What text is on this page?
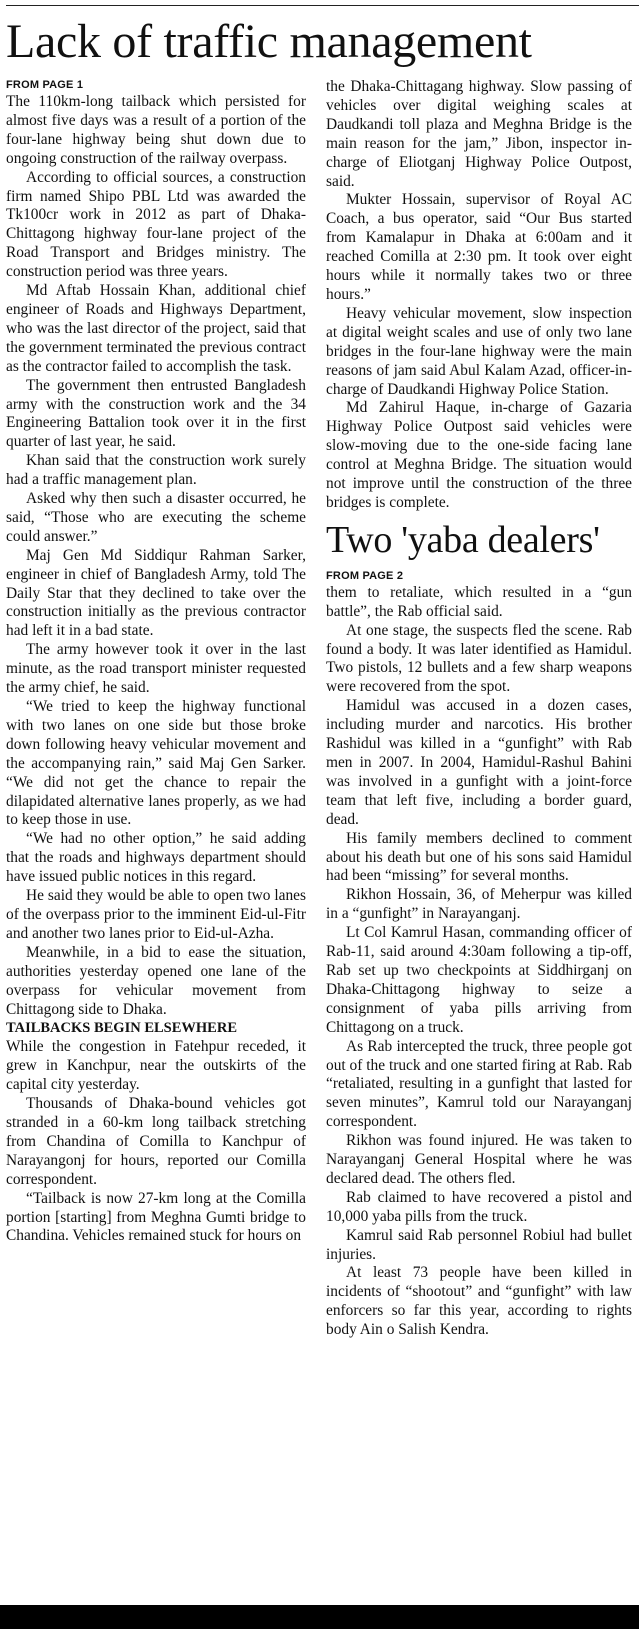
Lack of traffic management
FROM PAGE 1

The 110km-long tailback which persisted for almost five days was a result of a portion of the four-lane highway being shut down due to ongoing construction of the railway overpass.

According to official sources, a construction firm named Shipo PBL Ltd was awarded the Tk100cr work in 2012 as part of Dhaka-Chittagong highway four-lane project of the Road Transport and Bridges ministry. The construction period was three years.

Md Aftab Hossain Khan, additional chief engineer of Roads and Highways Department, who was the last director of the project, said that the government terminated the previous contract as the contractor failed to accomplish the task.

The government then entrusted Bangladesh army with the construction work and the 34 Engineering Battalion took over it in the first quarter of last year, he said.

Khan said that the construction work surely had a traffic management plan.

Asked why then such a disaster occurred, he said, “Those who are executing the scheme could answer.”

Maj Gen Md Siddiqur Rahman Sarker, engineer in chief of Bangladesh Army, told The Daily Star that they declined to take over the construction initially as the previous contractor had left it in a bad state.

The army however took it over in the last minute, as the road transport minister requested the army chief, he said.

“We tried to keep the highway functional with two lanes on one side but those broke down following heavy vehicular movement and the accompanying rain,” said Maj Gen Sarker. “We did not get the chance to repair the dilapidated alternative lanes properly, as we had to keep those in use.

“We had no other option,” he said adding that the roads and highways department should have issued public notices in this regard.

He said they would be able to open two lanes of the overpass prior to the imminent Eid-ul-Fitr and another two lanes prior to Eid-ul-Azha.

Meanwhile, in a bid to ease the situation, authorities yesterday opened one lane of the overpass for vehicular movement from Chittagong side to Dhaka.

TAILBACKS BEGIN ELSEWHERE

While the congestion in Fatehpur receded, it grew in Kanchpur, near the outskirts of the capital city yesterday.

Thousands of Dhaka-bound vehicles got stranded in a 60-km long tailback stretching from Chandina of Comilla to Kanchpur of Narayangonj for hours, reported our Comilla correspondent.

“Tailback is now 27-km long at the Comilla portion [starting] from Meghna Gumti bridge to Chandina. Vehicles remained stuck for hours on

the Dhaka-Chittagang highway. Slow passing of vehicles over digital weighing scales at Daudkandi toll plaza and Meghna Bridge is the main reason for the jam,” Jibon, inspector in-charge of Eliotganj Highway Police Outpost, said.

Mukter Hossain, supervisor of Royal AC Coach, a bus operator, said “Our Bus started from Kamalapur in Dhaka at 6:00am and it reached Comilla at 2:30 pm. It took over eight hours while it normally takes two or three hours.”

Heavy vehicular movement, slow inspection at digital weight scales and use of only two lane bridges in the four-lane highway were the main reasons of jam said Abul Kalam Azad, officer-in-charge of Daudkandi Highway Police Station.

Md Zahirul Haque, in-charge of Gazaria Highway Police Outpost said vehicles were slow-moving due to the one-side facing lane control at Meghna Bridge. The situation would not improve until the construction of the three bridges is complete.

Two 'yaba dealers'
FROM PAGE 2

them to retaliate, which resulted in a “gun battle”, the Rab official said.

At one stage, the suspects fled the scene. Rab found a body. It was later identified as Hamidul. Two pistols, 12 bullets and a few sharp weapons were recovered from the spot.

Hamidul was accused in a dozen cases, including murder and narcotics. His brother Rashidul was killed in a “gunfight” with Rab men in 2007. In 2004, Hamidul-Rashul Bahini was involved in a gunfight with a joint-force team that left five, including a border guard, dead.

His family members declined to comment about his death but one of his sons said Hamidul had been “missing” for several months.

Rikhon Hossain, 36, of Meherpur was killed in a “gunfight” in Narayanganj.

Lt Col Kamrul Hasan, commanding officer of Rab-11, said around 4:30am following a tip-off, Rab set up two checkpoints at Siddhirganj on Dhaka-Chittagong highway to seize a consignment of yaba pills arriving from Chittagong on a truck.

As Rab intercepted the truck, three people got out of the truck and one started firing at Rab. Rab “retaliated, resulting in a gunfight that lasted for seven minutes”, Kamrul told our Narayanganj correspondent.

Rikhon was found injured. He was taken to Narayanganj General Hospital where he was declared dead. The others fled.

Rab claimed to have recovered a pistol and 10,000 yaba pills from the truck.

Kamrul said Rab personnel Robiul had bullet injuries.

At least 73 people have been killed in incidents of “shootout” and “gunfight” with law enforcers so far this year, according to rights body Ain o Salish Kendra.
